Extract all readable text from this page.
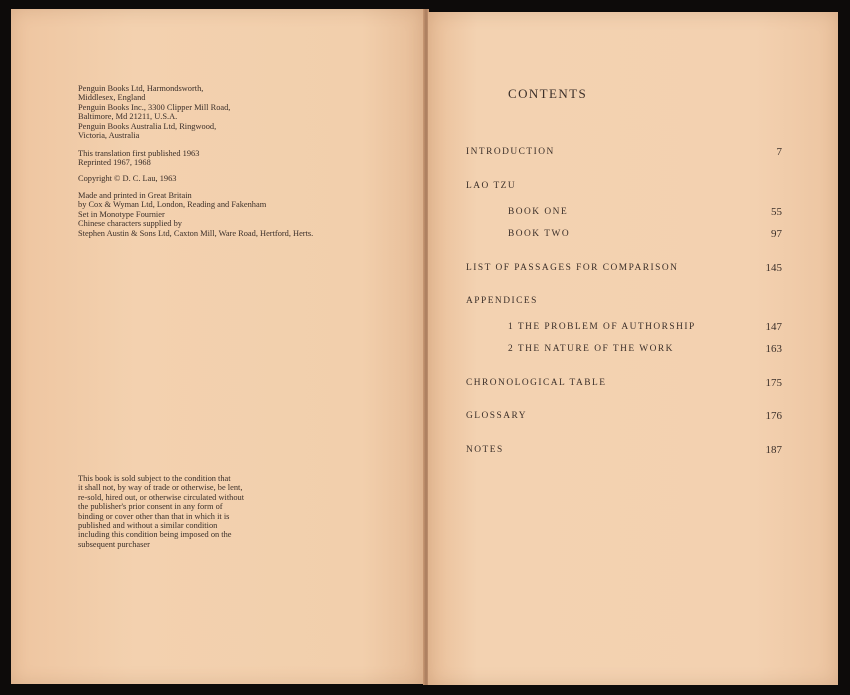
Penguin Books Ltd, Harmondsworth,
Middlesex, England
Penguin Books Inc., 3300 Clipper Mill Road,
Baltimore, Md 21211, U.S.A.
Penguin Books Australia Ltd, Ringwood,
Victoria, Australia
This translation first published 1963
Reprinted 1967, 1968
Copyright © D. C. Lau, 1963
Made and printed in Great Britain
by Cox & Wyman Ltd, London, Reading and Fakenham
Set in Monotype Fournier
Chinese characters supplied by
Stephen Austin & Sons Ltd, Caxton Mill, Ware Road, Hertford, Herts.
This book is sold subject to the condition that
it shall not, by way of trade or otherwise, be lent,
re-sold, hired out, or otherwise circulated without
the publisher's prior consent in any form of
binding or cover other than that in which it is
published and without a similar condition
including this condition being imposed on the
subsequent purchaser
CONTENTS
INTRODUCTION	7
LAO TZU
BOOK ONE	55
BOOK TWO	97
LIST OF PASSAGES FOR COMPARISON	145
APPENDICES
1 THE PROBLEM OF AUTHORSHIP	147
2 THE NATURE OF THE WORK	163
CHRONOLOGICAL TABLE	175
GLOSSARY	176
NOTES	187
